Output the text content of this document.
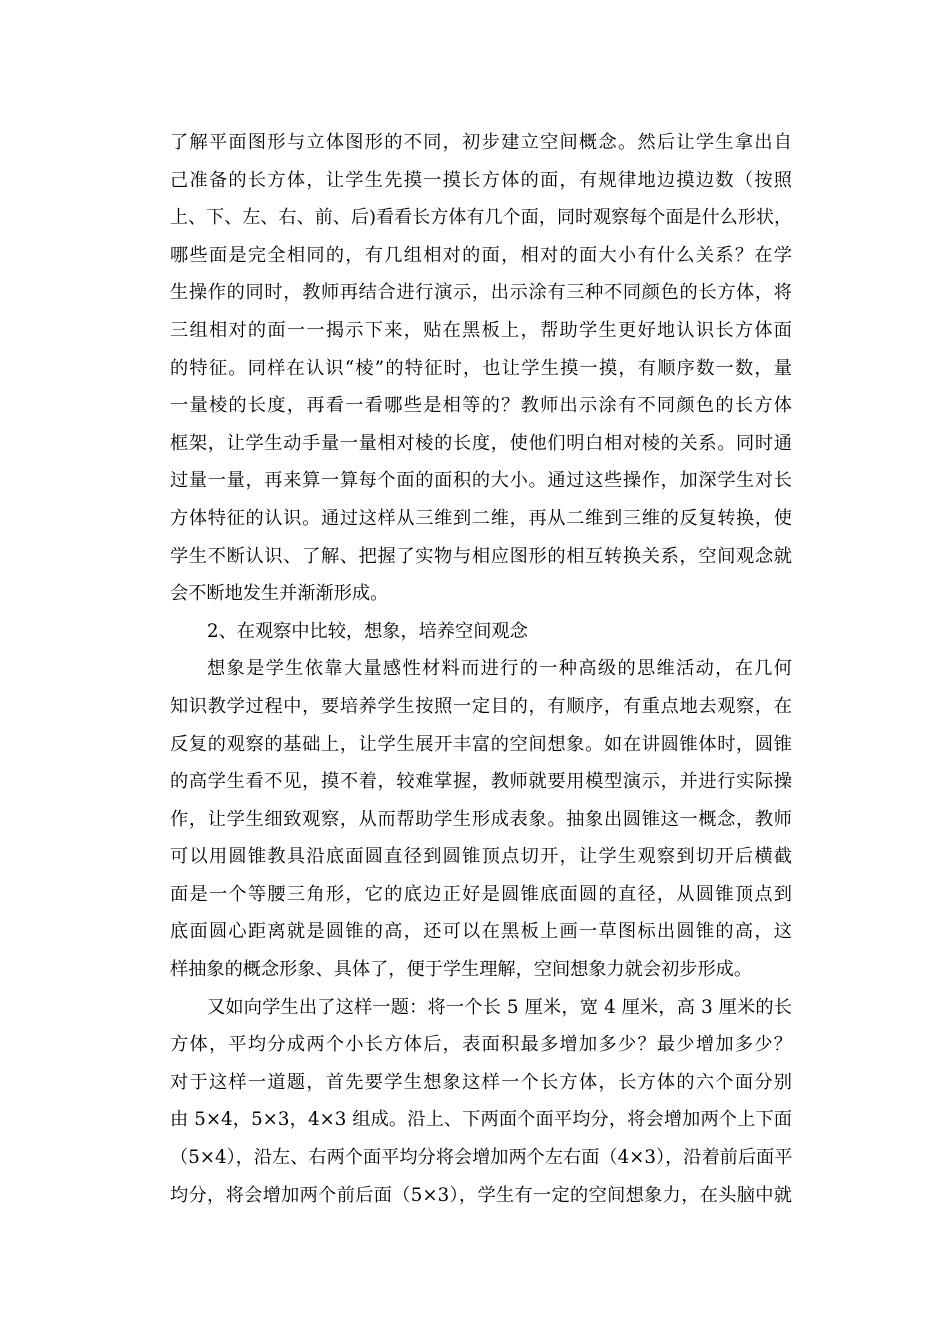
了解平面图形与立体图形的不同，初步建立空间概念。然后让学生拿出自
己准备的长方体，让学生先摸一摸长方体的面，有规律地边摸边数（按照
上、下、左、右、前、后)看看长方体有几个面，同时观察每个面是什么形状，
哪些面是完全相同的，有几组相对的面，相对的面大小有什么关系？在学
生操作的同时，教师再结合进行演示，出示涂有三种不同颜色的长方体，将
三组相对的面一一揭示下来，贴在黑板上，帮助学生更好地认识长方体面
的特征。同样在认识“棱”的特征时，也让学生摸一摸，有顺序数一数，量
一量棱的长度，再看一看哪些是相等的？教师出示涂有不同颜色的长方体
框架，让学生动手量一量相对棱的长度，使他们明白相对棱的关系。同时通
过量一量，再来算一算每个面的面积的大小。通过这些操作，加深学生对长
方体特征的认识。通过这样从三维到二维，再从二维到三维的反复转换，使
学生不断认识、了解、把握了实物与相应图形的相互转换关系，空间观念就
会不断地发生并渐渐形成。
2、在观察中比较，想象，培养空间观念
想象是学生依靠大量感性材料而进行的一种高级的思维活动，在几何
知识教学过程中，要培养学生按照一定目的，有顺序，有重点地去观察，在
反复的观察的基础上，让学生展开丰富的空间想象。如在讲圆锥体时，圆锥
的高学生看不见，摸不着，较难掌握，教师就要用模型演示，并进行实际操
作，让学生细致观察，从而帮助学生形成表象。抽象出圆锥这一概念，教师
可以用圆锥教具沿底面圆直径到圆锥顶点切开，让学生观察到切开后横截
面是一个等腰三角形，它的底边正好是圆锥底面圆的直径，从圆锥顶点到
底面圆心距离就是圆锥的高，还可以在黑板上画一草图标出圆锥的高，这
样抽象的概念形象、具体了，便于学生理解，空间想象力就会初步形成。
又如向学生出了这样一题：将一个长 5 厘米，宽 4 厘米，高 3 厘米的长
方体，平均分成两个小长方体后，表面积最多增加多少？最少增加多少？
对于这样一道题，首先要学生想象这样一个长方体，长方体的六个面分别
由 5×4，5×3，4×3 组成。沿上、下两面个面平均分，将会增加两个上下面
（5×4），沿左、右两个面平均分将会增加两个左右面（4×3），沿着前后面平
均分，将会增加两个前后面（5×3），学生有一定的空间想象力，在头脑中就
